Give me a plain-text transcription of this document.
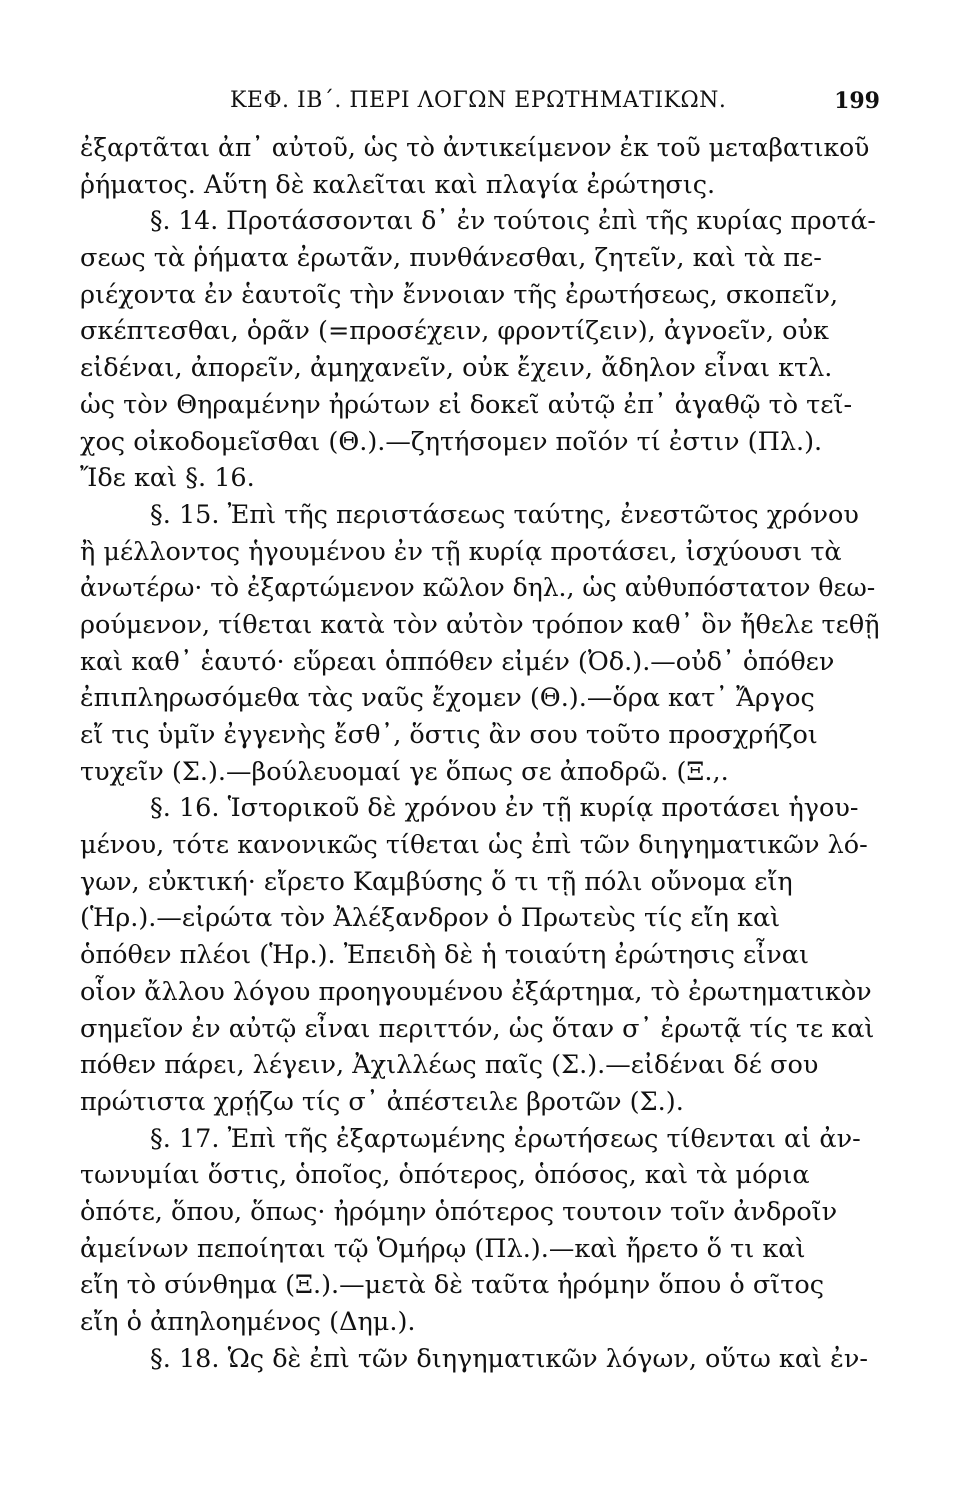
ΚΕΦ. ΙΒ΄. ΠΕΡΙ ΛΟΓΩΝ ΕΡΩΤΗΜΑΤΙΚΩΝ.	199
ἐξαρτᾶται ἀπ᾽ αὐτοῦ, ὡς τὸ ἀντικείμενον ἐκ τοῦ μεταβατικοῦ
ῥήματος. Αὕτη δὲ καλεῖται καὶ πλαγία ἐρώτησις.
§. 14. Προτάσσονται δ᾽ ἐν τούτοις ἐπὶ τῆς κυρίας προτά-
σεως τὰ ῥήματα ἐρωτᾶν, πυνθάνεσθαι, ζητεῖν, καὶ τὰ πε-
ριέχοντα ἐν ἑαυτοῖς τὴν ἔννοιαν τῆς ἐρωτήσεως, σκοπεῖν,
σκέπτεσθαι, ὁρᾶν (=προσέχειν, φροντίζειν), ἀγνοεῖν, οὐκ
εἰδέναι, ἀπορεῖν, ἀμηχανεῖν, οὐκ ἔχειν, ἄδηλον εἶναι κτλ.
ὡς τὸν Θηραμένην ἠρώτων εἰ δοκεῖ αὐτῷ ἐπ᾽ ἀγαθῷ τὸ τεῖ-
χος οἰκοδομεῖσθαι (Θ.).—ζητήσομεν ποῖόν τί ἐστιν (Πλ.).
Ἴδε καὶ §. 16.
§. 15. Ἐπὶ τῆς περιστάσεως ταύτης, ἐνεστῶτος χρόνου
ἢ μέλλοντος ἡγουμένου ἐν τῇ κυρίᾳ προτάσει, ἰσχύουσι τὰ
ἀνωτέρω· τὸ ἐξαρτώμενον κῶλον δηλ., ὡς αὐθυπόστατον θεω-
ρούμενον, τίθεται κατὰ τὸν αὐτὸν τρόπον καθ᾽ ὃν ἤθελε τεθῇ
καὶ καθ᾽ ἑαυτό· εὕρεαι ὁππόθεν εἰμέν (Ὀδ.).—οὐδ᾽ ὁπόθεν
ἐπιπληρωσόμεθα τὰς ναῦς ἔχομεν (Θ.).—ὅρα κατ᾽ Ἄργος
εἴ τις ὑμῖν ἐγγενὴς ἔσθ᾽, ὅστις ἂν σου τοῦτο προσχρήζοι
τυχεῖν (Σ.).—βούλευομαί γε ὅπως σε ἀποδρῶ. (Ξ.,.
§. 16. Ἱστορικοῦ δὲ χρόνου ἐν τῇ κυρίᾳ προτάσει ἡγου-
μένου, τότε κανονικῶς τίθεται ὡς ἐπὶ τῶν διηγηματικῶν λό-
γων, εὐκτική· εἴρετο Καμβύσης ὅ τι τῇ πόλι οὔνομα εἴη
(Ἡρ.).—εἰρώτα τὸν Ἀλέξανδρον ὁ Πρωτεὺς τίς εἴη καὶ
ὁπόθεν πλέοι (Ἡρ.). Ἐπειδὴ δὲ ἡ τοιαύτη ἐρώτησις εἶναι
οἷον ἄλλου λόγου προηγουμένου ἐξάρτημα, τὸ ἐρωτηματικὸν
σημεῖον ἐν αὐτῷ εἶναι περιττόν, ὡς ὅταν σ᾽ ἐρωτᾷ τίς τε καὶ
πόθεν πάρει, λέγειν, Ἀχιλλέως παῖς (Σ.).—εἰδέναι δέ σου
πρώτιστα χρῄζω τίς σ᾽ ἀπέστειλε βροτῶν (Σ.).
§. 17. Ἐπὶ τῆς ἐξαρτωμένης ἐρωτήσεως τίθενται αἱ ἀν-
τωνυμίαι ὅστις, ὁποῖος, ὁπότερος, ὁπόσος, καὶ τὰ μόρια
ὁπότε, ὅπου, ὅπως· ἠρόμην ὁπότερος τουτοιν τοῖν ἀνδροῖν
ἀμείνων πεποίηται τῷ Ὁμήρῳ (Πλ.).—καὶ ἤρετο ὅ τι καὶ
εἴη τὸ σύνθημα (Ξ.).—μετὰ δὲ ταῦτα ἠρόμην ὅπου ὁ σῖτος
εἴη ὁ ἀπηλοημένος (Δημ.).
§. 18. Ὡς δὲ ἐπὶ τῶν διηγηματικῶν λόγων, οὕτω καὶ ἐν-
